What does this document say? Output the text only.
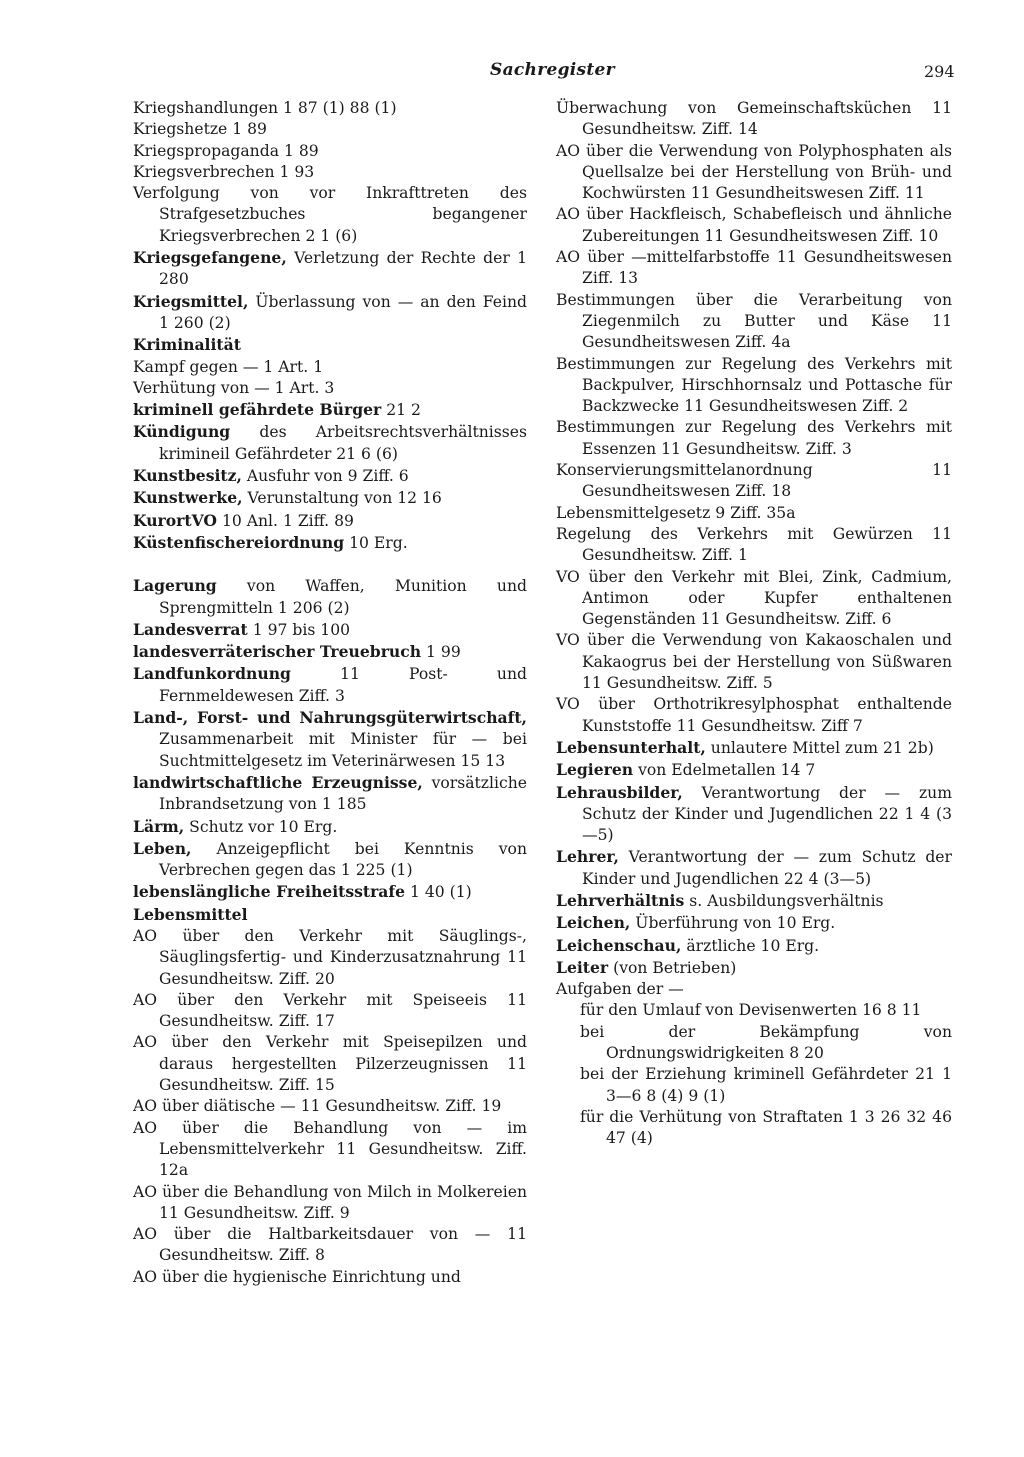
Sachregister	294
Kriegshandlungen 1 87 (1) 88 (1)
Kriegshetze 1 89
Kriegspropaganda 1 89
Kriegsverbrechen 1 93
Verfolgung von vor Inkrafttreten des Strafgesetzbuches begangener Kriegsverbrechen 2 1 (6)
Kriegsgefangene, Verletzung der Rechte der 1 280
Kriegsmittel, Überlassung von — an den Feind 1 260 (2)
Kriminalität
Kampf gegen — 1 Art. 1
Verhütung von — 1 Art. 3
kriminell gefährdete Bürger 21 2
Kündigung des Arbeitsrechtsverhältnisses krimineil Gefährdeter 21 6 (6)
Kunstbesitz, Ausfuhr von 9 Ziff. 6
Kunstwerke, Verunstaltung von 12 16
KurortVO 10 Anl. 1 Ziff. 89
Küstenfischereiordnung 10 Erg.
Lagerung von Waffen, Munition und Sprengmitteln 1 206 (2)
Landesverrat 1 97 bis 100
landesverräterischer Treuebruch 1 99
Landfunkordnung 11 Post- und Fernmeldewesen Ziff. 3
Land-, Forst- und Nahrungsgüterwirtschaft, Zusammenarbeit mit Minister für — bei Suchtmittelgesetz im Veterinärwesen 15 13
landwirtschaftliche Erzeugnisse, vorsätzliche Inbrandsetzung von 1 185
Lärm, Schutz vor 10 Erg.
Leben, Anzeigepflicht bei Kenntnis von Verbrechen gegen das 1 225 (1)
lebenslängliche Freiheitsstrafe 1 40 (1)
Lebensmittel
AO über den Verkehr mit Säuglings-, Säuglingsfertig- und Kinderzusatznahrung 11 Gesundheitsw. Ziff. 20
AO über den Verkehr mit Speiseeis 11 Gesundheitsw. Ziff. 17
AO über den Verkehr mit Speisepilzen und daraus hergestellten Pilzerzeugnissen 11 Gesundheitsw. Ziff. 15
AO über diätische — 11 Gesundheitsw. Ziff. 19
AO über die Behandlung von — im Lebensmittelverkehr 11 Gesundheitsw. Ziff. 12a
AO über die Behandlung von Milch in Molkereien 11 Gesundheitsw. Ziff. 9
AO über die Haltbarkeitsdauer von — 11 Gesundheitsw. Ziff. 8
AO über die hygienische Einrichtung und
Überwachung von Gemeinschaftsküchen 11 Gesundheitsw. Ziff. 14
AO über die Verwendung von Polyphosphaten als Quellsalze bei der Herstellung von Brüh- und Kochwürsten 11 Gesundheitswesen Ziff. 11
AO über Hackfleisch, Schabefleisch und ähnliche Zubereitungen 11 Gesundheitswesen Ziff. 10
AO über —mittelfarbstoffe 11 Gesundheitswesen Ziff. 13
Bestimmungen über die Verarbeitung von Ziegenmilch zu Butter und Käse 11 Gesundheitswesen Ziff. 4a
Bestimmungen zur Regelung des Verkehrs mit Backpulver, Hirschhornsalz und Pottasche für Backzwecke 11 Gesundheitswesen Ziff. 2
Bestimmungen zur Regelung des Verkehrs mit Essenzen 11 Gesundheitsw. Ziff. 3
Konservierungsmittelanordnung 11 Gesundheitswesen Ziff. 18
Lebensmittelgesetz 9 Ziff. 35a
Regelung des Verkehrs mit Gewürzen 11 Gesundheitsw. Ziff. 1
VO über den Verkehr mit Blei, Zink, Cadmium, Antimon oder Kupfer enthaltenen Gegenständen 11 Gesundheitsw. Ziff. 6
VO über die Verwendung von Kakaoschalen und Kakaogrus bei der Herstellung von Süßwaren 11 Gesundheitsw. Ziff. 5
VO über Orthotrikresylphosphat enthaltende Kunststoffe 11 Gesundheitsw. Ziff 7
Lebensunterhalt, unlautere Mittel zum 21 2b)
Legieren von Edelmetallen 14 7
Lehrausbilder, Verantwortung der — zum Schutz der Kinder und Jugendlichen 22 1 4 (3—5)
Lehrer, Verantwortung der — zum Schutz der Kinder und Jugendlichen 22 4 (3—5)
Lehrverhältnis s. Ausbildungsverhältnis
Leichen, Überführung von 10 Erg.
Leichenschau, ärztliche 10 Erg.
Leiter (von Betrieben)
Aufgaben der —
für den Umlauf von Devisenwerten 16 8 11
bei der Bekämpfung von Ordnungswidrigkeiten 8 20
bei der Erziehung kriminell Gefährdeter 21 1 3—6 8 (4) 9 (1)
für die Verhütung von Straftaten 1 3 26 32 46 47 (4)
